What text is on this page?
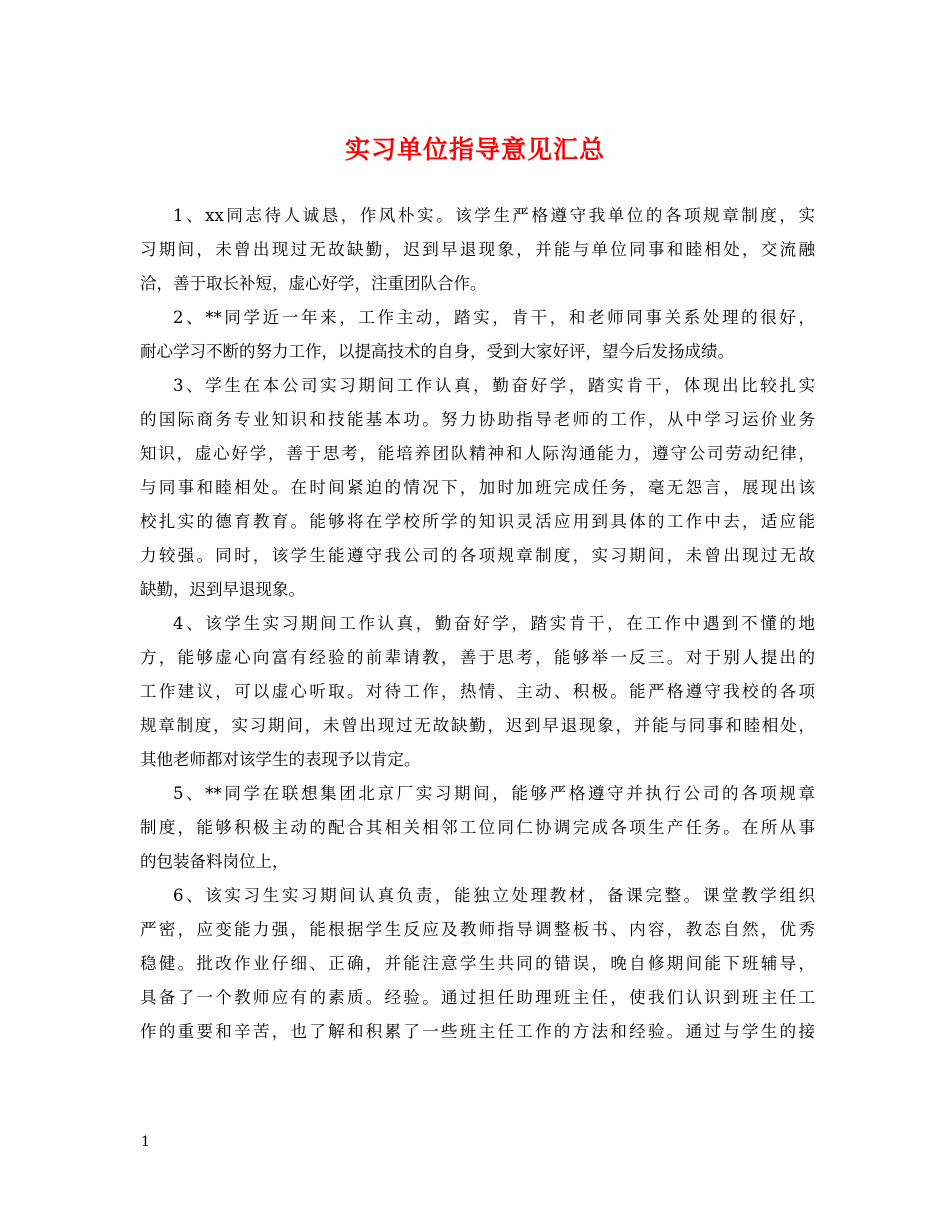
实习单位指导意见汇总

1、xx同志待人诚恳，作风朴实。该学生严格遵守我单位的各项规章制度，实
习期间，未曾出现过无故缺勤，迟到早退现象，并能与单位同事和睦相处，交流融
洽，善于取长补短，虚心好学，注重团队合作。

2、**同学近一年来，工作主动，踏实，肯干，和老师同事关系处理的很好，
耐心学习不断的努力工作，以提高技术的自身，受到大家好评，望今后发扬成绩。

3、学生在本公司实习期间工作认真，勤奋好学，踏实肯干，体现出比较扎实
的国际商务专业知识和技能基本功。努力协助指导老师的工作，从中学习运价业务
知识，虚心好学，善于思考，能培养团队精神和人际沟通能力，遵守公司劳动纪律，
与同事和睦相处。在时间紧迫的情况下，加时加班完成任务，毫无怨言，展现出该
校扎实的德育教育。能够将在学校所学的知识灵活应用到具体的工作中去，适应能
力较强。同时，该学生能遵守我公司的各项规章制度，实习期间，未曾出现过无故
缺勤，迟到早退现象。

4、该学生实习期间工作认真，勤奋好学，踏实肯干，在工作中遇到不懂的地
方，能够虚心向富有经验的前辈请教，善于思考，能够举一反三。对于别人提出的
工作建议，可以虚心听取。对待工作，热情、主动、积极。能严格遵守我校的各项
规章制度，实习期间，未曾出现过无故缺勤，迟到早退现象，并能与同事和睦相处，
其他老师都对该学生的表现予以肯定。

5、**同学在联想集团北京厂实习期间，能够严格遵守并执行公司的各项规章
制度，能够积极主动的配合其相关相邻工位同仁协调完成各项生产任务。在所从事
的包装备料岗位上，

6、该实习生实习期间认真负责，能独立处理教材，备课完整。课堂教学组织
严密，应变能力强，能根据学生反应及教师指导调整板书、内容，教态自然，优秀
稳健。批改作业仔细、正确，并能注意学生共同的错误，晚自修期间能下班辅导，
具备了一个教师应有的素质。经验。通过担任助理班主任，使我们认识到班主任工
作的重要和辛苦，也了解和积累了一些班主任工作的方法和经验。通过与学生的接

1
